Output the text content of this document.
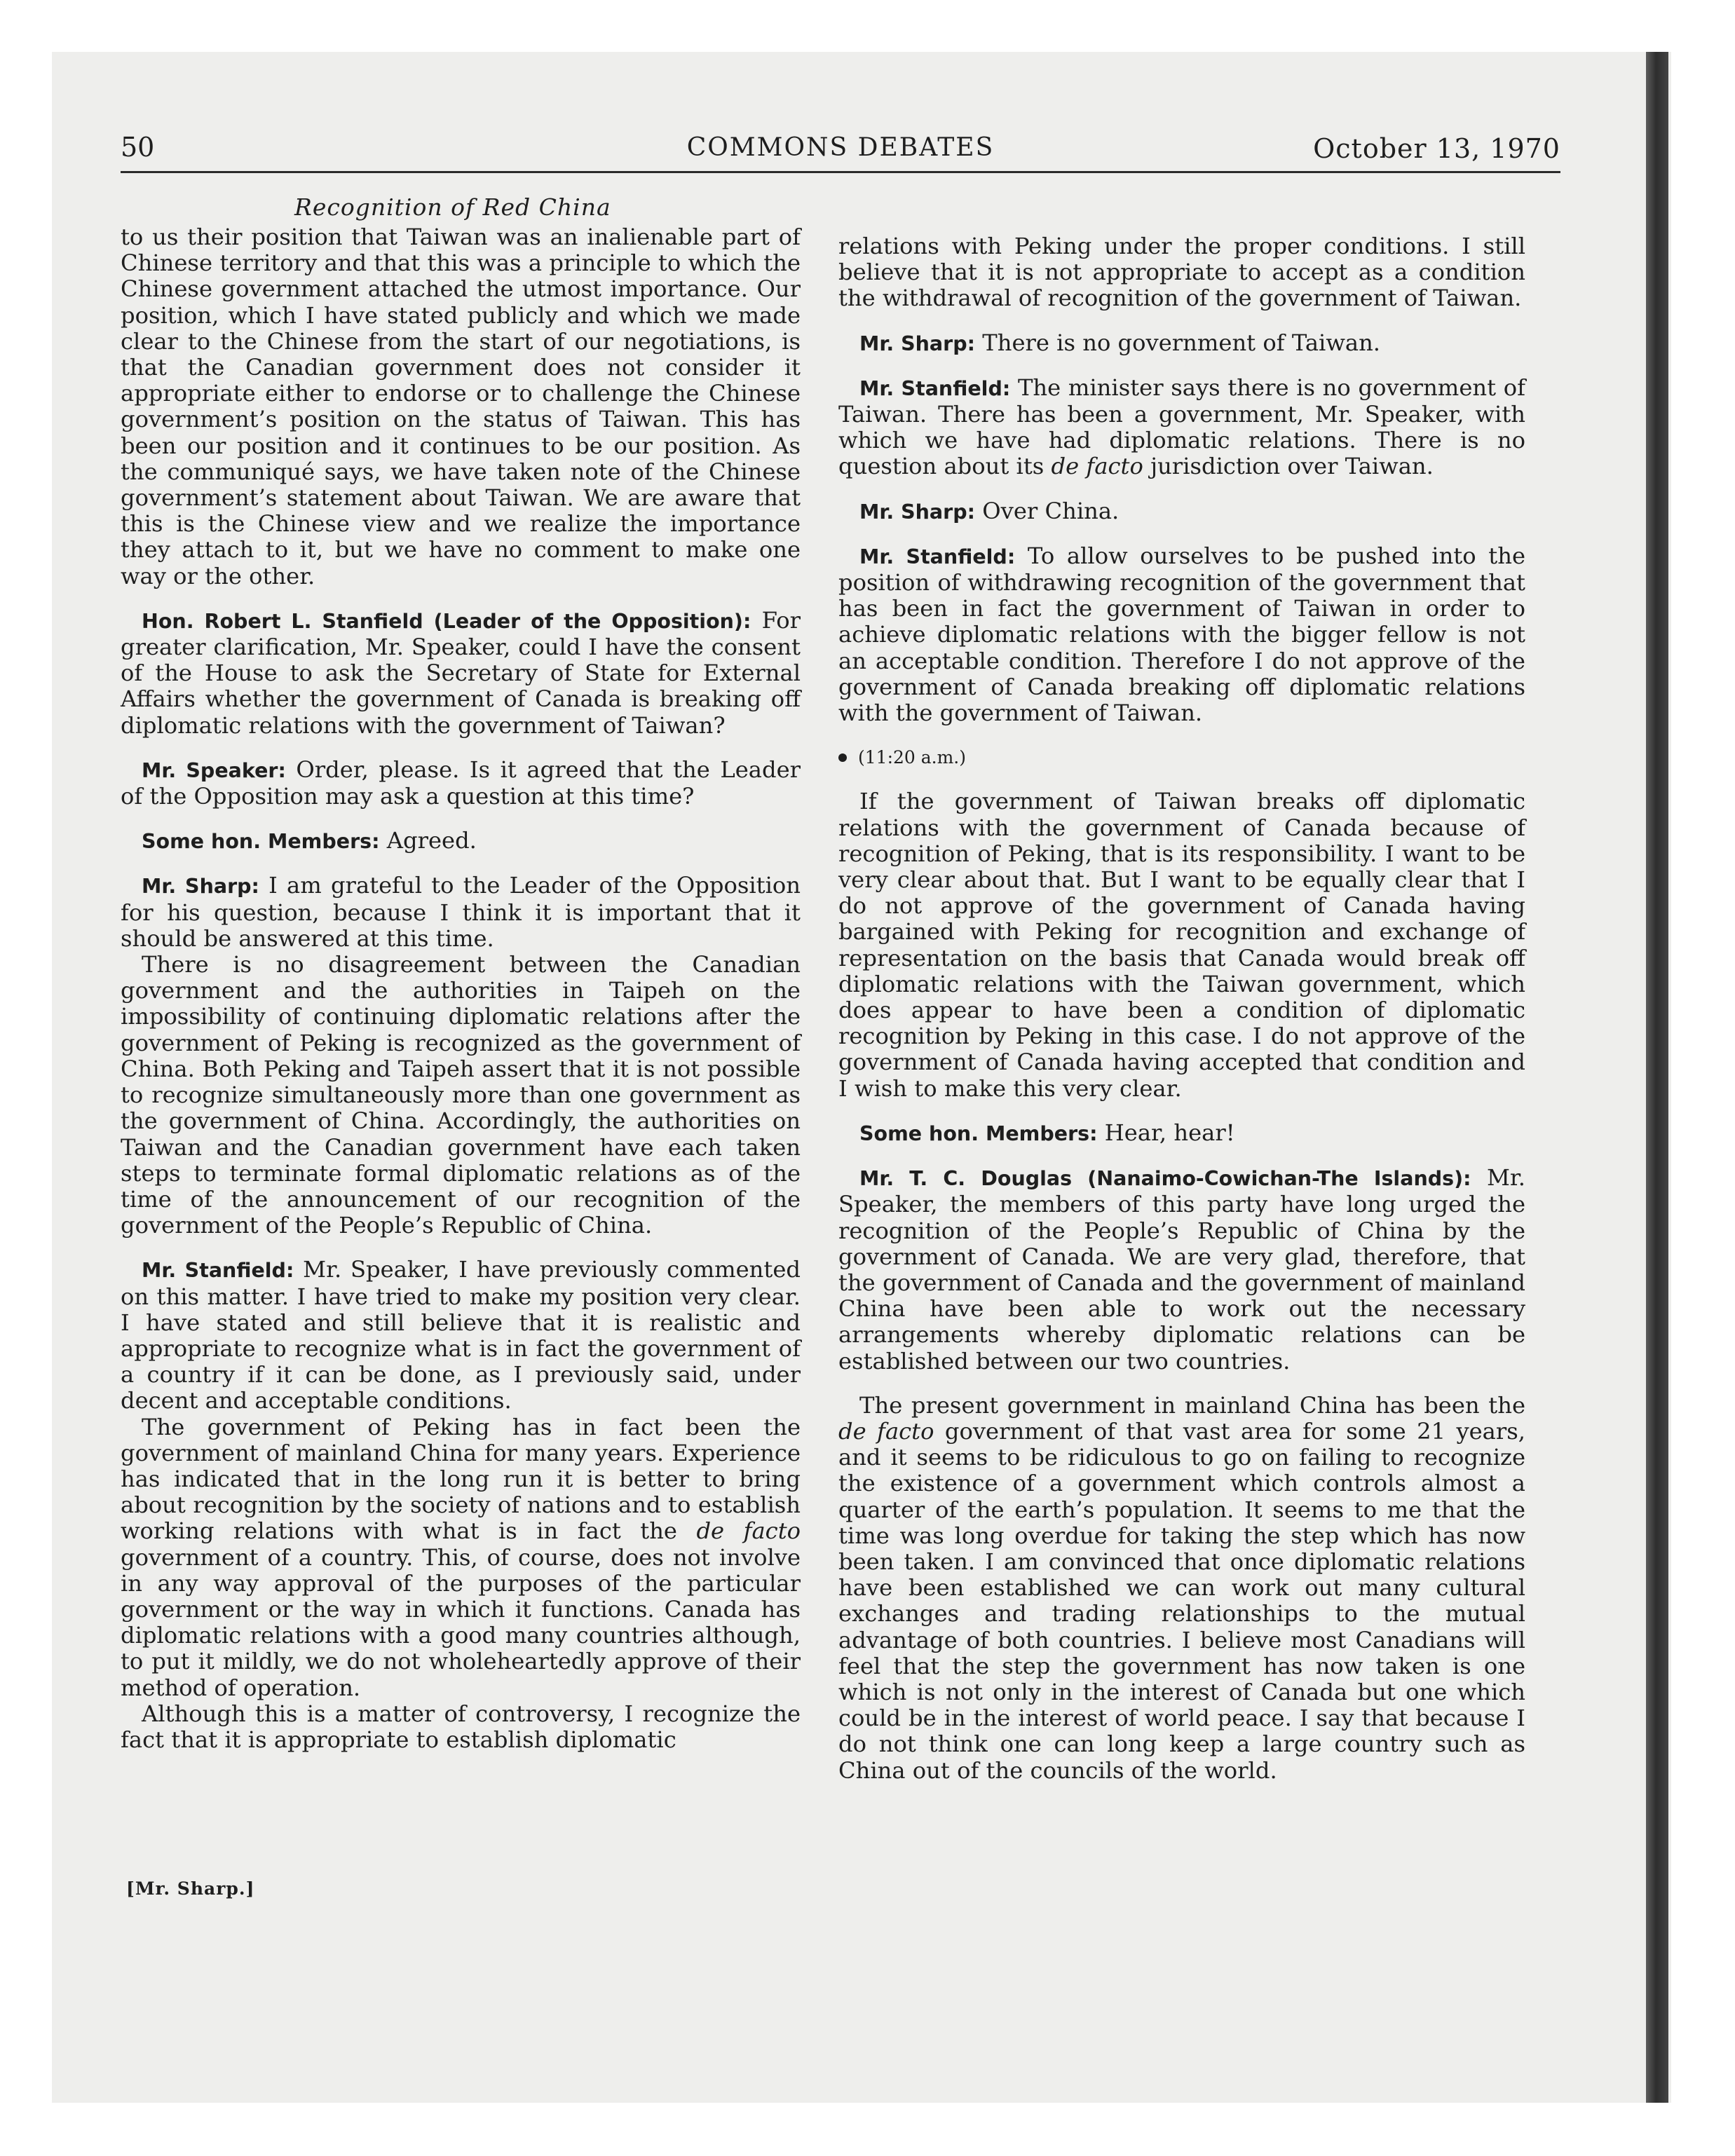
50	COMMONS DEBATES	October 13, 1970
Recognition of Red China

to us their position that Taiwan was an inalienable part of Chinese territory and that this was a principle to which the Chinese government attached the utmost importance. Our position, which I have stated publicly and which we made clear to the Chinese from the start of our negotiations, is that the Canadian government does not consider it appropriate either to endorse or to challenge the Chinese government’s position on the status of Taiwan. This has been our position and it continues to be our position. As the communiqué says, we have taken note of the Chinese government’s statement about Taiwan. We are aware that this is the Chinese view and we realize the importance they attach to it, but we have no comment to make one way or the other.

Hon. Robert L. Stanfield (Leader of the Opposition): For greater clarification, Mr. Speaker, could I have the consent of the House to ask the Secretary of State for External Affairs whether the government of Canada is breaking off diplomatic relations with the government of Taiwan?

Mr. Speaker: Order, please. Is it agreed that the Leader of the Opposition may ask a question at this time?

Some hon. Members: Agreed.

Mr. Sharp: I am grateful to the Leader of the Opposition for his question, because I think it is important that it should be answered at this time.

There is no disagreement between the Canadian government and the authorities in Taipeh on the impossibility of continuing diplomatic relations after the government of Peking is recognized as the government of China. Both Peking and Taipeh assert that it is not possible to recognize simultaneously more than one government as the government of China. Accordingly, the authorities on Taiwan and the Canadian government have each taken steps to terminate formal diplomatic relations as of the time of the announcement of our recognition of the government of the People’s Republic of China.

Mr. Stanfield: Mr. Speaker, I have previously commented on this matter. I have tried to make my position very clear. I have stated and still believe that it is realistic and appropriate to recognize what is in fact the government of a country if it can be done, as I previously said, under decent and acceptable conditions.

The government of Peking has in fact been the government of mainland China for many years. Experience has indicated that in the long run it is better to bring about recognition by the society of nations and to establish working relations with what is in fact the de facto government of a country. This, of course, does not involve in any way approval of the purposes of the particular government or the way in which it functions. Canada has diplomatic relations with a good many countries although, to put it mildly, we do not wholeheartedly approve of their method of operation.

Although this is a matter of controversy, I recognize the fact that it is appropriate to establish diplomatic

[Mr. Sharp.]

relations with Peking under the proper conditions. I still believe that it is not appropriate to accept as a condition the withdrawal of recognition of the government of Taiwan.

Mr. Sharp: There is no government of Taiwan.

Mr. Stanfield: The minister says there is no government of Taiwan. There has been a government, Mr. Speaker, with which we have had diplomatic relations. There is no question about its de facto jurisdiction over Taiwan.

Mr. Sharp: Over China.

Mr. Stanfield: To allow ourselves to be pushed into the position of withdrawing recognition of the government that has been in fact the government of Taiwan in order to achieve diplomatic relations with the bigger fellow is not an acceptable condition. Therefore I do not approve of the government of Canada breaking off diplomatic relations with the government of Taiwan.

(11:20 a.m.)

If the government of Taiwan breaks off diplomatic relations with the government of Canada because of recognition of Peking, that is its responsibility. I want to be very clear about that. But I want to be equally clear that I do not approve of the government of Canada having bargained with Peking for recognition and exchange of representation on the basis that Canada would break off diplomatic relations with the Taiwan government, which does appear to have been a condition of diplomatic recognition by Peking in this case. I do not approve of the government of Canada having accepted that condition and I wish to make this very clear.

Some hon. Members: Hear, hear!

Mr. T. C. Douglas (Nanaimo-Cowichan-The Islands): Mr. Speaker, the members of this party have long urged the recognition of the People’s Republic of China by the government of Canada. We are very glad, therefore, that the government of Canada and the government of mainland China have been able to work out the necessary arrangements whereby diplomatic relations can be established between our two countries.

The present government in mainland China has been the de facto government of that vast area for some 21 years, and it seems to be ridiculous to go on failing to recognize the existence of a government which controls almost a quarter of the earth’s population. It seems to me that the time was long overdue for taking the step which has now been taken. I am convinced that once diplomatic relations have been established we can work out many cultural exchanges and trading relationships to the mutual advantage of both countries. I believe most Canadians will feel that the step the government has now taken is one which is not only in the interest of Canada but one which could be in the interest of world peace. I say that because I do not think one can long keep a large country such as China out of the councils of the world.
